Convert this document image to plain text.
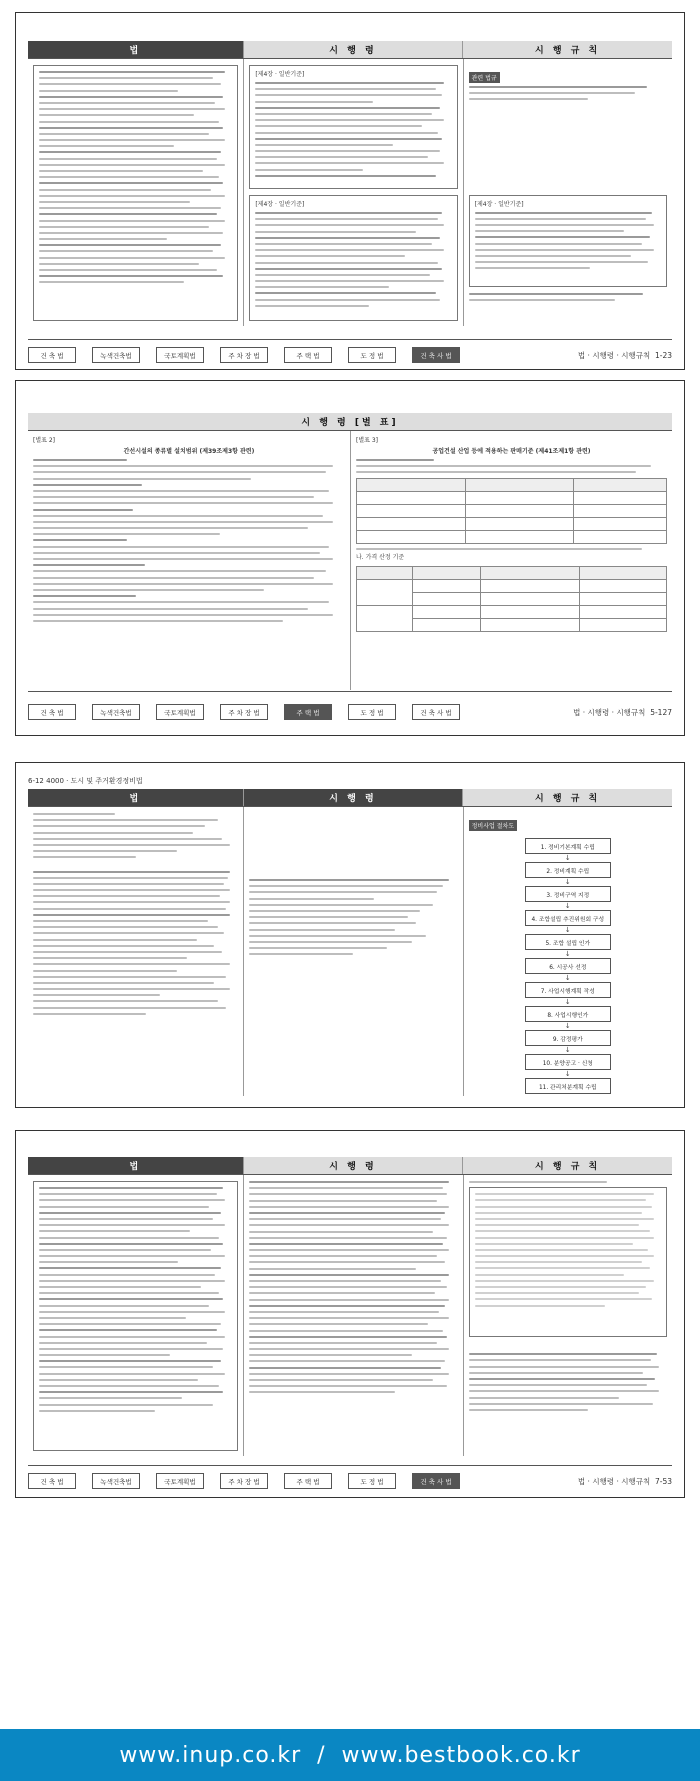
법	시 행 령	시 행 규 칙
[제4장 · 일반기준]
[제4장 · 일반기준]
관련 법규
[제4장 · 일반기준]
건 축 법	녹색건축법	국토계획법	주 차 장 법	주 택 법	도 정 법	건 축 사 법	법 · 시행령 · 시행규칙 1-23
시 행 령 [별 표]
[별표 2]
간선시설의 종류별 설치범위 (제39조제3항 관련)
[별표 3]
공업건설 산업 등에 적용하는 판매기준 (제41조제1항 관련)

나. 가격 산정 기준

건 축 법	녹색건축법	국토계획법	주 차 장 법	주 택 법	도 정 법	건 축 사 법	법 · 시행령 · 시행규칙 5-127
6-12 4000 · 도시 및 주거환경정비법
법	시 행 령	시 행 규 칙
정비사업 절차도
1. 정비기본계획 수립
↓
2. 정비계획 수립
↓
3. 정비구역 지정
↓
4. 조합설립 추진위원회 구성
↓
5. 조합 설립 인가
↓
6. 시공사 선정
↓
7. 사업시행계획 작성
↓
8. 사업시행인가
↓
9. 감정평가
↓
10. 분양공고 · 신청
↓
11. 관리처분계획 수립
법	시 행 령	시 행 규 칙
건 축 법	녹색건축법	국토계획법	주 차 장 법	주 택 법	도 정 법	건 축 사 법	법 · 시행령 · 시행규칙 7-53
www.inup.co.kr  /  www.bestbook.co.kr
